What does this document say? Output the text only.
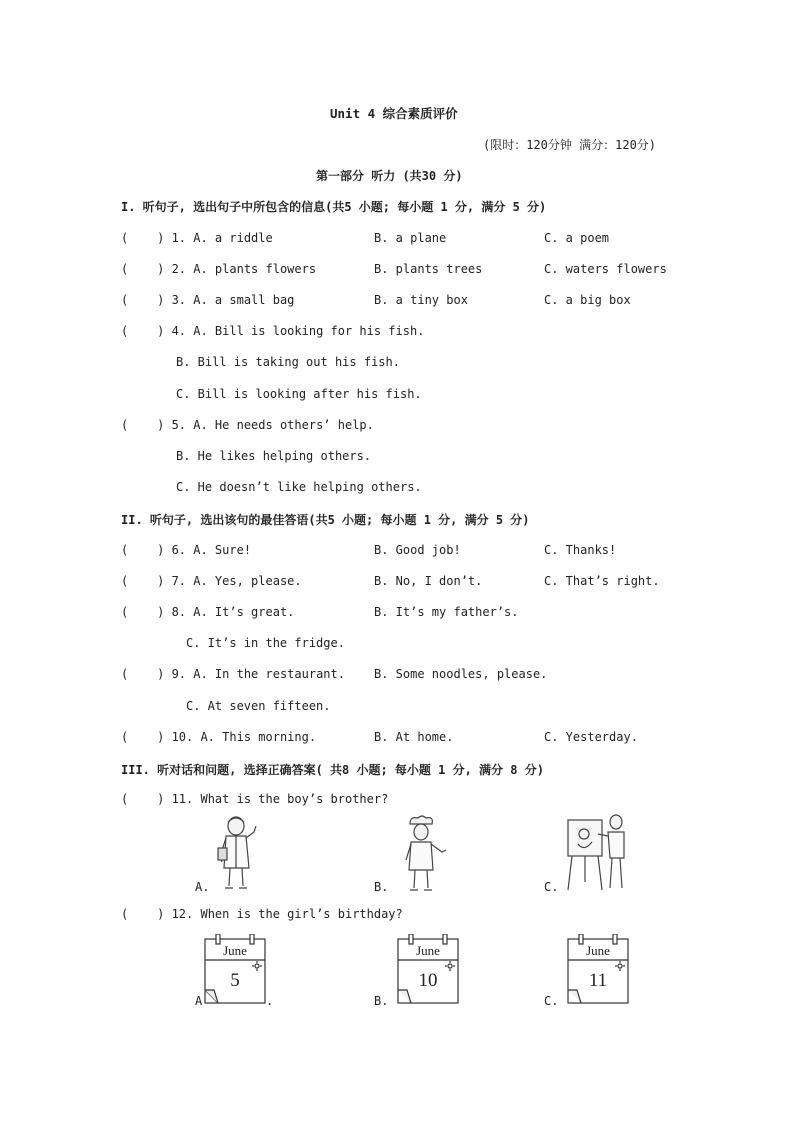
Unit 4 综合素质评价
(限时：120分钟 满分：120分)
第一部分 听力 (共30 分)
I. 听句子, 选出句子中所包含的信息(共5 小题; 每小题 1 分, 满分 5 分)
(    ) 1. A. a riddle	B. a plane	C. a poem
(    ) 2. A. plants flowers	B. plants trees	C. waters flowers
(    ) 3. A. a small bag	B. a tiny box	C. a big box
(    ) 4. A. Bill is looking for his fish.
B. Bill is taking out his fish.
C. Bill is looking after his fish.
(    ) 5. A. He needs others’ help.
B. He likes helping others.
C. He doesn’t like helping others.
II. 听句子, 选出该句的最佳答语(共5 小题; 每小题 1 分, 满分 5 分)
(    ) 6. A. Sure!	B. Good job!	C. Thanks!
(    ) 7. A. Yes, please.	B. No, I don’t.	C. That’s right.
(    ) 8. A. It’s great.	B. It’s my father’s.
C. It’s in the fridge.
(    ) 9. A. In the restaurant. B. Some noodles, please.
C. At seven fifteen.
(    ) 10. A. This morning.	B. At home.	C. Yesterday.
III. 听对话和问题, 选择正确答案( 共8 小题; 每小题 1 分, 满分 8 分)
(    ) 11. What is the boy’s brother?
A.	B.	C.
(    ) 12. When is the girl’s birthday?
June
5
June
10
June
11
A	.	B.	C.
